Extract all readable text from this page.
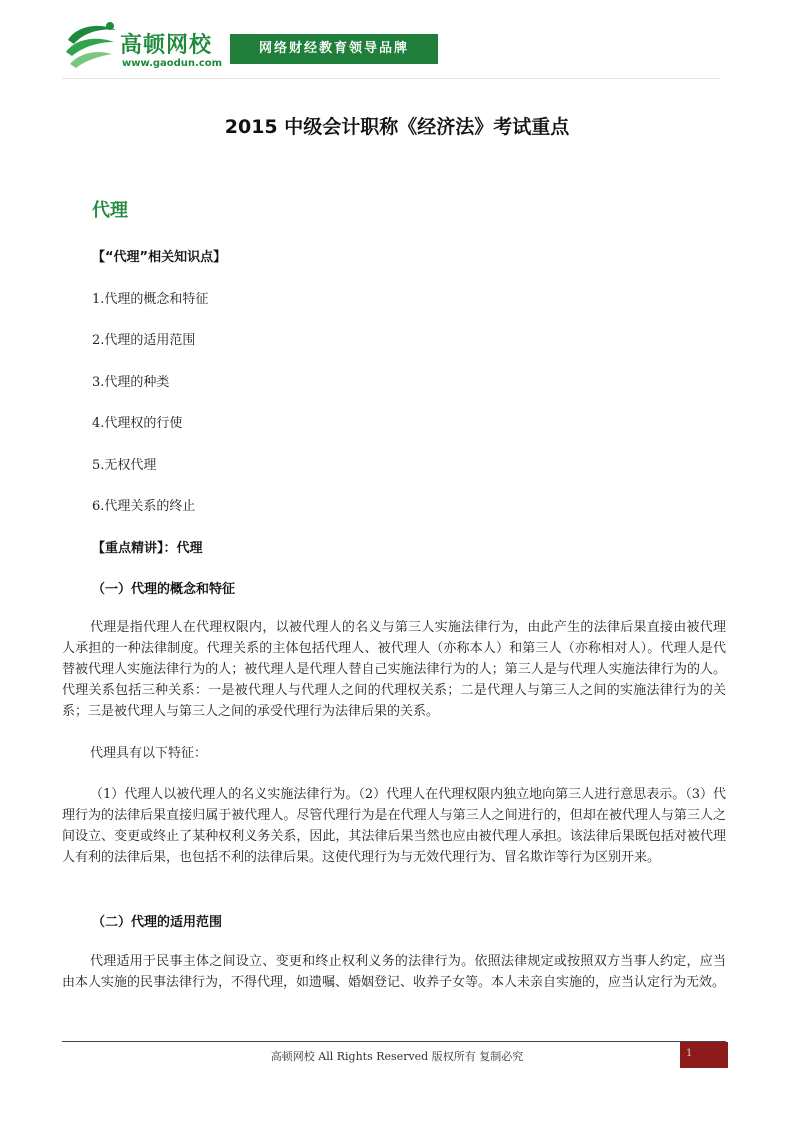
高顿网校
www.gaodun.com
网络财经教育领导品牌
2015 中级会计职称《经济法》考试重点
代理
【“代理”相关知识点】
1.代理的概念和特征
2.代理的适用范围
3.代理的种类
4.代理权的行使
5.无权代理
6.代理关系的终止
【重点精讲】：代理
（一）代理的概念和特征

代理是指代理人在代理权限内，以被代理人的名义与第三人实施法律行为，由此产生的法律后果直接由被代理人承担的一种法律制度。代理关系的主体包括代理人、被代理人（亦称本人）和第三人（亦称相对人）。代理人是代替被代理人实施法律行为的人；被代理人是代理人替自己实施法律行为的人；第三人是与代理人实施法律行为的人。代理关系包括三种关系：一是被代理人与代理人之间的代理权关系；二是代理人与第三人之间的实施法律行为的关系；三是被代理人与第三人之间的承受代理行为法律后果的关系。

代理具有以下特征：

（1）代理人以被代理人的名义实施法律行为。（2）代理人在代理权限内独立地向第三人进行意思表示。（3）代理行为的法律后果直接归属于被代理人。尽管代理行为是在代理人与第三人之间进行的，但却在被代理人与第三人之间设立、变更或终止了某种权利义务关系，因此，其法律后果当然也应由被代理人承担。该法律后果既包括对被代理人有利的法律后果，也包括不利的法律后果。这使代理行为与无效代理行为、冒名欺诈等行为区别开来。

（二）代理的适用范围

代理适用于民事主体之间设立、变更和终止权利义务的法律行为。依照法律规定或按照双方当事人约定，应当由本人实施的民事法律行为，不得代理，如遗嘱、婚姻登记、收养子女等。本人未亲自实施的，应当认定行为无效。

高顿网校 All Rights Reserved 版权所有 复制必究	1
